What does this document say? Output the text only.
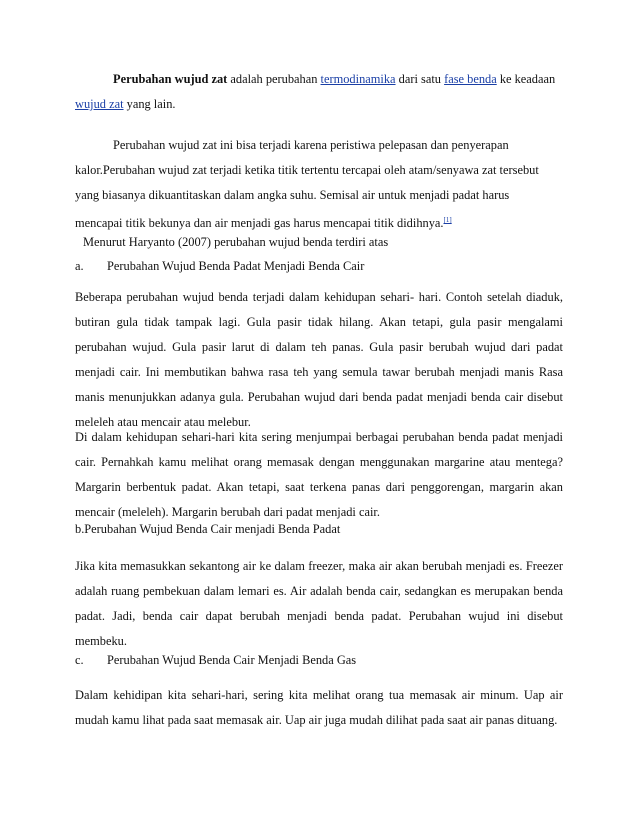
Perubahan wujud zat adalah perubahan termodinamika dari satu fase benda ke keadaan wujud zat yang lain.

Perubahan wujud zat ini bisa terjadi karena peristiwa pelepasan dan penyerapan kalor.Perubahan wujud zat terjadi ketika titik tertentu tercapai oleh atam/senyawa zat tersebut yang biasanya dikuantitaskan dalam angka suhu. Semisal air untuk menjadi padat harus mencapai titik bekunya dan air menjadi gas harus mencapai titik didihnya.[1]

Menurut Haryanto (2007) perubahan wujud benda terdiri atas

a. Perubahan Wujud Benda Padat Menjadi Benda Cair

Beberapa perubahan wujud benda terjadi dalam kehidupan sehari- hari. Contoh setelah diaduk, butiran gula tidak tampak lagi. Gula pasir tidak hilang. Akan tetapi, gula pasir mengalami perubahan wujud. Gula pasir larut di dalam teh panas. Gula pasir berubah wujud dari padat menjadi cair. Ini membutikan bahwa rasa teh yang semula tawar berubah menjadi manis Rasa manis menunjukkan adanya gula. Perubahan wujud dari benda padat menjadi benda cair disebut meleleh atau mencair atau melebur.

Di dalam kehidupan sehari-hari kita sering menjumpai berbagai perubahan benda padat menjadi cair. Pernahkah kamu melihat orang memasak dengan menggunakan margarine atau mentega? Margarin berbentuk padat. Akan tetapi, saat terkena panas dari penggorengan, margarin akan mencair (meleleh). Margarin berubah dari padat menjadi cair.

b.Perubahan Wujud Benda Cair menjadi Benda Padat

Jika kita memasukkan sekantong air ke dalam freezer, maka air akan berubah menjadi es. Freezer adalah ruang pembekuan dalam lemari es. Air adalah benda cair, sedangkan es merupakan benda padat. Jadi, benda cair dapat berubah menjadi benda padat. Perubahan wujud ini disebut membeku.

c. Perubahan Wujud Benda Cair Menjadi Benda Gas

Dalam kehidipan kita sehari-hari, sering kita melihat orang tua memasak air minum. Uap air mudah kamu lihat pada saat memasak air. Uap air juga mudah dilihat pada saat air panas dituang.
